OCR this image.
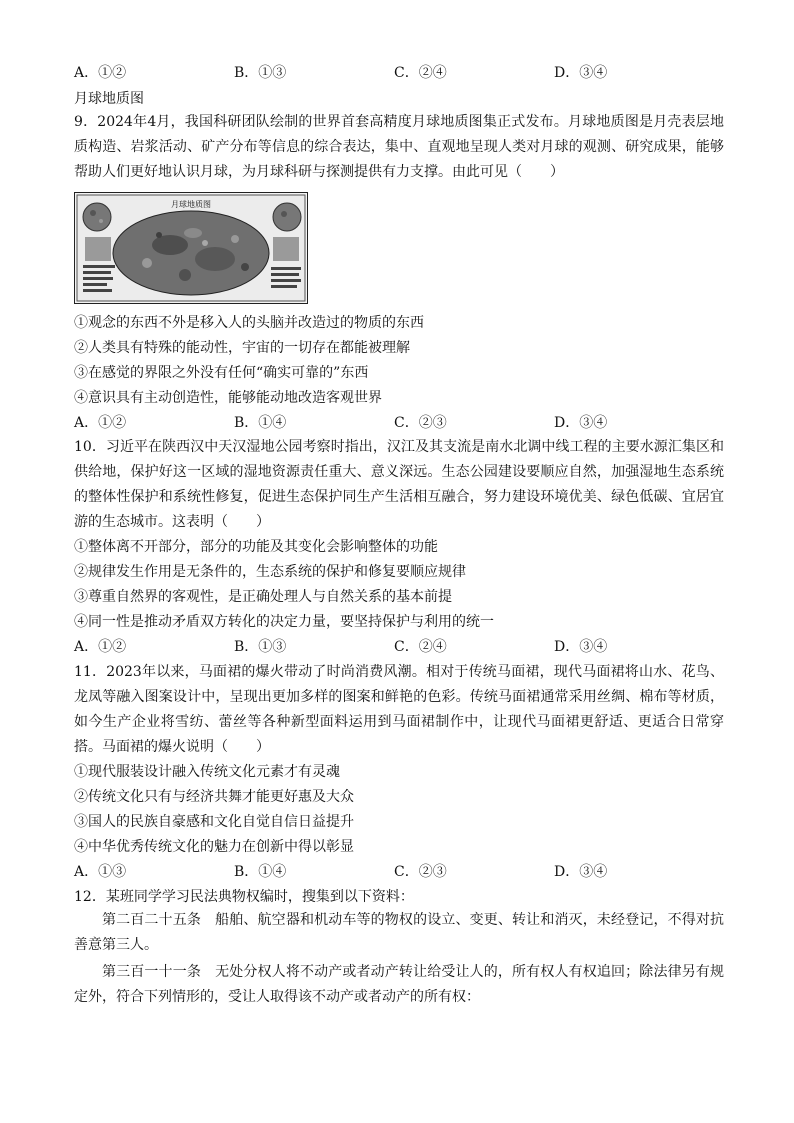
A．①②	B．①③	C．②④	D．③④
月球地质图
9．2024年4月，我国科研团队绘制的世界首套高精度月球地质图集正式发布。月球地质图是月壳表层地质构造、岩浆活动、矿产分布等信息的综合表达，集中、直观地呈现人类对月球的观测、研究成果，能够帮助人们更好地认识月球，为月球科研与探测提供有力支撑。由此可见（　　）
月球地质图
①观念的东西不外是移入人的头脑并改造过的物质的东西
②人类具有特殊的能动性，宇宙的一切存在都能被理解
③在感觉的界限之外没有任何“确实可靠的”东西
④意识具有主动创造性，能够能动地改造客观世界
A．①②	B．①④	C．②③	D．③④
10．习近平在陕西汉中天汉湿地公园考察时指出，汉江及其支流是南水北调中线工程的主要水源汇集区和供给地，保护好这一区域的湿地资源责任重大、意义深远。生态公园建设要顺应自然，加强湿地生态系统的整体性保护和系统性修复，促进生态保护同生产生活相互融合，努力建设环境优美、绿色低碳、宜居宜游的生态城市。这表明（　　）
①整体离不开部分，部分的功能及其变化会影响整体的功能
②规律发生作用是无条件的，生态系统的保护和修复要顺应规律
③尊重自然界的客观性，是正确处理人与自然关系的基本前提
④同一性是推动矛盾双方转化的决定力量，要坚持保护与利用的统一
A．①②	B．①③	C．②④	D．③④
11．2023年以来，马面裙的爆火带动了时尚消费风潮。相对于传统马面裙，现代马面裙将山水、花鸟、龙凤等融入图案设计中，呈现出更加多样的图案和鲜艳的色彩。传统马面裙通常采用丝绸、棉布等材质，如今生产企业将雪纺、蕾丝等各种新型面料运用到马面裙制作中，让现代马面裙更舒适、更适合日常穿搭。马面裙的爆火说明（　　）
①现代服装设计融入传统文化元素才有灵魂
②传统文化只有与经济共舞才能更好惠及大众
③国人的民族自豪感和文化自觉自信日益提升
④中华优秀传统文化的魅力在创新中得以彰显
A．①③	B．①④	C．②③	D．③④
12．某班同学学习民法典物权编时，搜集到以下资料：
第二百二十五条　船舶、航空器和机动车等的物权的设立、变更、转让和消灭，未经登记，不得对抗善意第三人。
第三百一十一条　无处分权人将不动产或者动产转让给受让人的，所有权人有权追回；除法律另有规定外，符合下列情形的，受让人取得该不动产或者动产的所有权：
